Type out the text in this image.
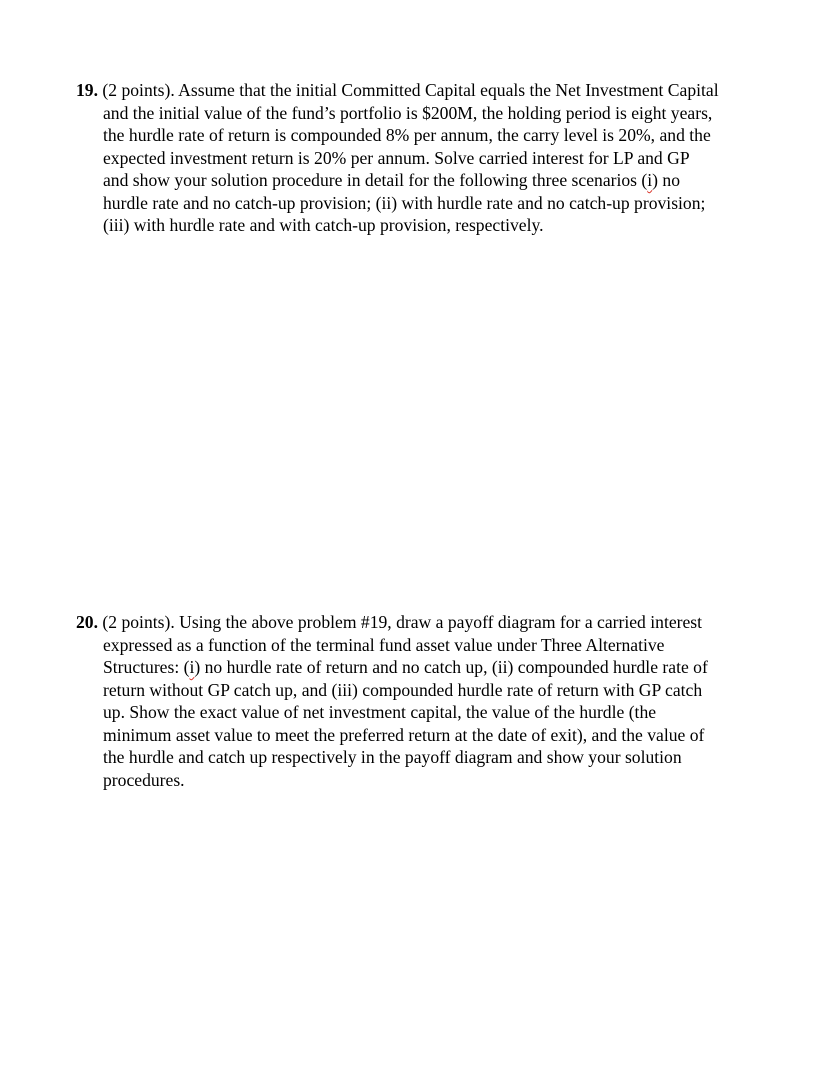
19. (2 points). Assume that the initial Committed Capital equals the Net Investment Capital
and the initial value of the fund’s portfolio is $200M, the holding period is eight years,
the hurdle rate of return is compounded 8% per annum, the carry level is 20%, and the
expected investment return is 20% per annum. Solve carried interest for LP and GP
and show your solution procedure in detail for the following three scenarios (i) no
hurdle rate and no catch-up provision; (ii) with hurdle rate and no catch-up provision;
(iii) with hurdle rate and with catch-up provision, respectively.
20. (2 points). Using the above problem #19, draw a payoff diagram for a carried interest
expressed as a function of the terminal fund asset value under Three Alternative
Structures: (i) no hurdle rate of return and no catch up, (ii) compounded hurdle rate of
return without GP catch up, and (iii) compounded hurdle rate of return with GP catch
up. Show the exact value of net investment capital, the value of the hurdle (the
minimum asset value to meet the preferred return at the date of exit), and the value of
the hurdle and catch up respectively in the payoff diagram and show your solution
procedures.
